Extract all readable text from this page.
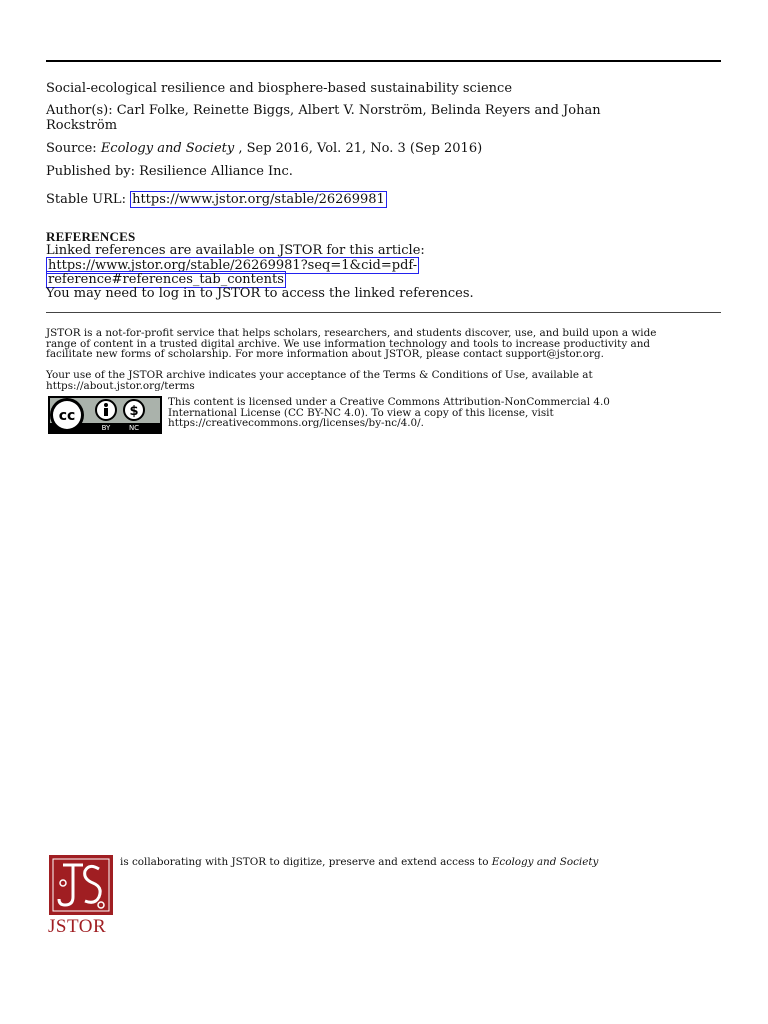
Social-ecological resilience and biosphere-based sustainability science
Author(s): Carl Folke, Reinette Biggs, Albert V. Norström, Belinda Reyers and Johan
Rockström
Source: Ecology and Society , Sep 2016, Vol. 21, No. 3 (Sep 2016)
Published by: Resilience Alliance Inc.
Stable URL: https://www.jstor.org/stable/26269981
REFERENCES
Linked references are available on JSTOR for this article:
https://www.jstor.org/stable/26269981?seq=1&cid=pdf-
reference#references_tab_contents
You may need to log in to JSTOR to access the linked references.
JSTOR is a not-for-profit service that helps scholars, researchers, and students discover, use, and build upon a wide
range of content in a trusted digital archive. We use information technology and tools to increase productivity and
facilitate new forms of scholarship. For more information about JSTOR, please contact support@jstor.org.
Your use of the JSTOR archive indicates your acceptance of the Terms & Conditions of Use, available at
https://about.jstor.org/terms
cc	$
BY	NC
This content is licensed under a Creative Commons Attribution-NonCommercial 4.0
International License (CC BY-NC 4.0). To view a copy of this license, visit
https://creativecommons.org/licenses/by-nc/4.0/.
JSTOR
is collaborating with JSTOR to digitize, preserve and extend access to Ecology and Society
